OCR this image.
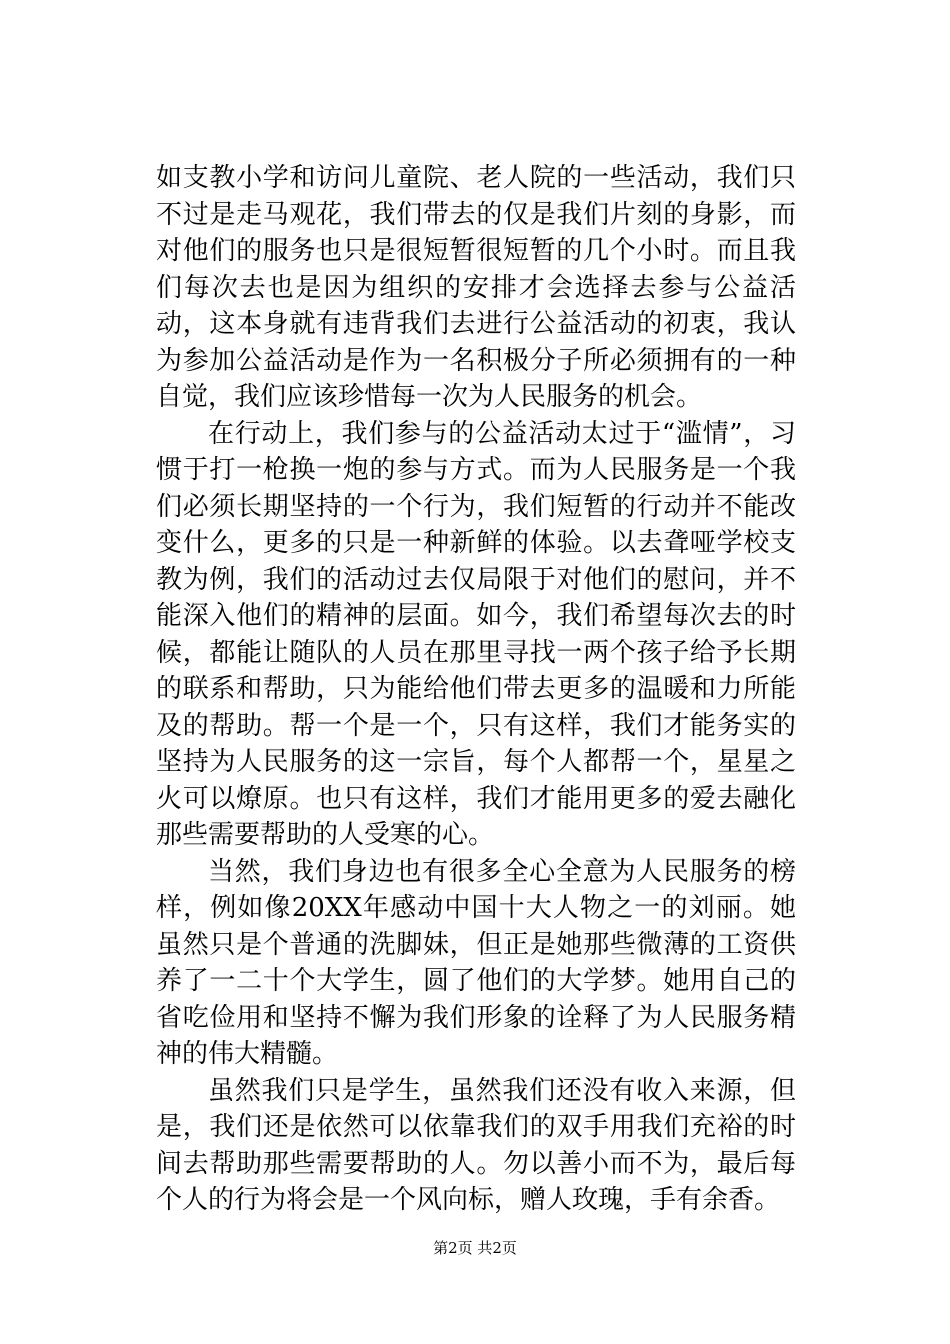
如支教小学和访问儿童院、老人院的一些活动，我们只不过是走马观花，我们带去的仅是我们片刻的身影，而对他们的服务也只是很短暂很短暂的几个小时。而且我们每次去也是因为组织的安排才会选择去参与公益活动，这本身就有违背我们去进行公益活动的初衷，我认为参加公益活动是作为一名积极分子所必须拥有的一种自觉，我们应该珍惜每一次为人民服务的机会。

在行动上，我们参与的公益活动太过于“滥情”，习惯于打一枪换一炮的参与方式。而为人民服务是一个我们必须长期坚持的一个行为，我们短暂的行动并不能改变什么，更多的只是一种新鲜的体验。以去聋哑学校支教为例，我们的活动过去仅局限于对他们的慰问，并不能深入他们的精神的层面。如今，我们希望每次去的时候，都能让随队的人员在那里寻找一两个孩子给予长期的联系和帮助，只为能给他们带去更多的温暖和力所能及的帮助。帮一个是一个，只有这样，我们才能务实的坚持为人民服务的这一宗旨，每个人都帮一个，星星之火可以燎原。也只有这样，我们才能用更多的爱去融化那些需要帮助的人受寒的心。

当然，我们身边也有很多全心全意为人民服务的榜样，例如像20XX年感动中国十大人物之一的刘丽。她虽然只是个普通的洗脚妹，但正是她那些微薄的工资供养了一二十个大学生，圆了他们的大学梦。她用自己的省吃俭用和坚持不懈为我们形象的诠释了为人民服务精神的伟大精髓。

虽然我们只是学生，虽然我们还没有收入来源，但是，我们还是依然可以依靠我们的双手用我们充裕的时间去帮助那些需要帮助的人。勿以善小而不为，最后每个人的行为将会是一个风向标，赠人玫瑰，手有余香。

第2页 共2页
